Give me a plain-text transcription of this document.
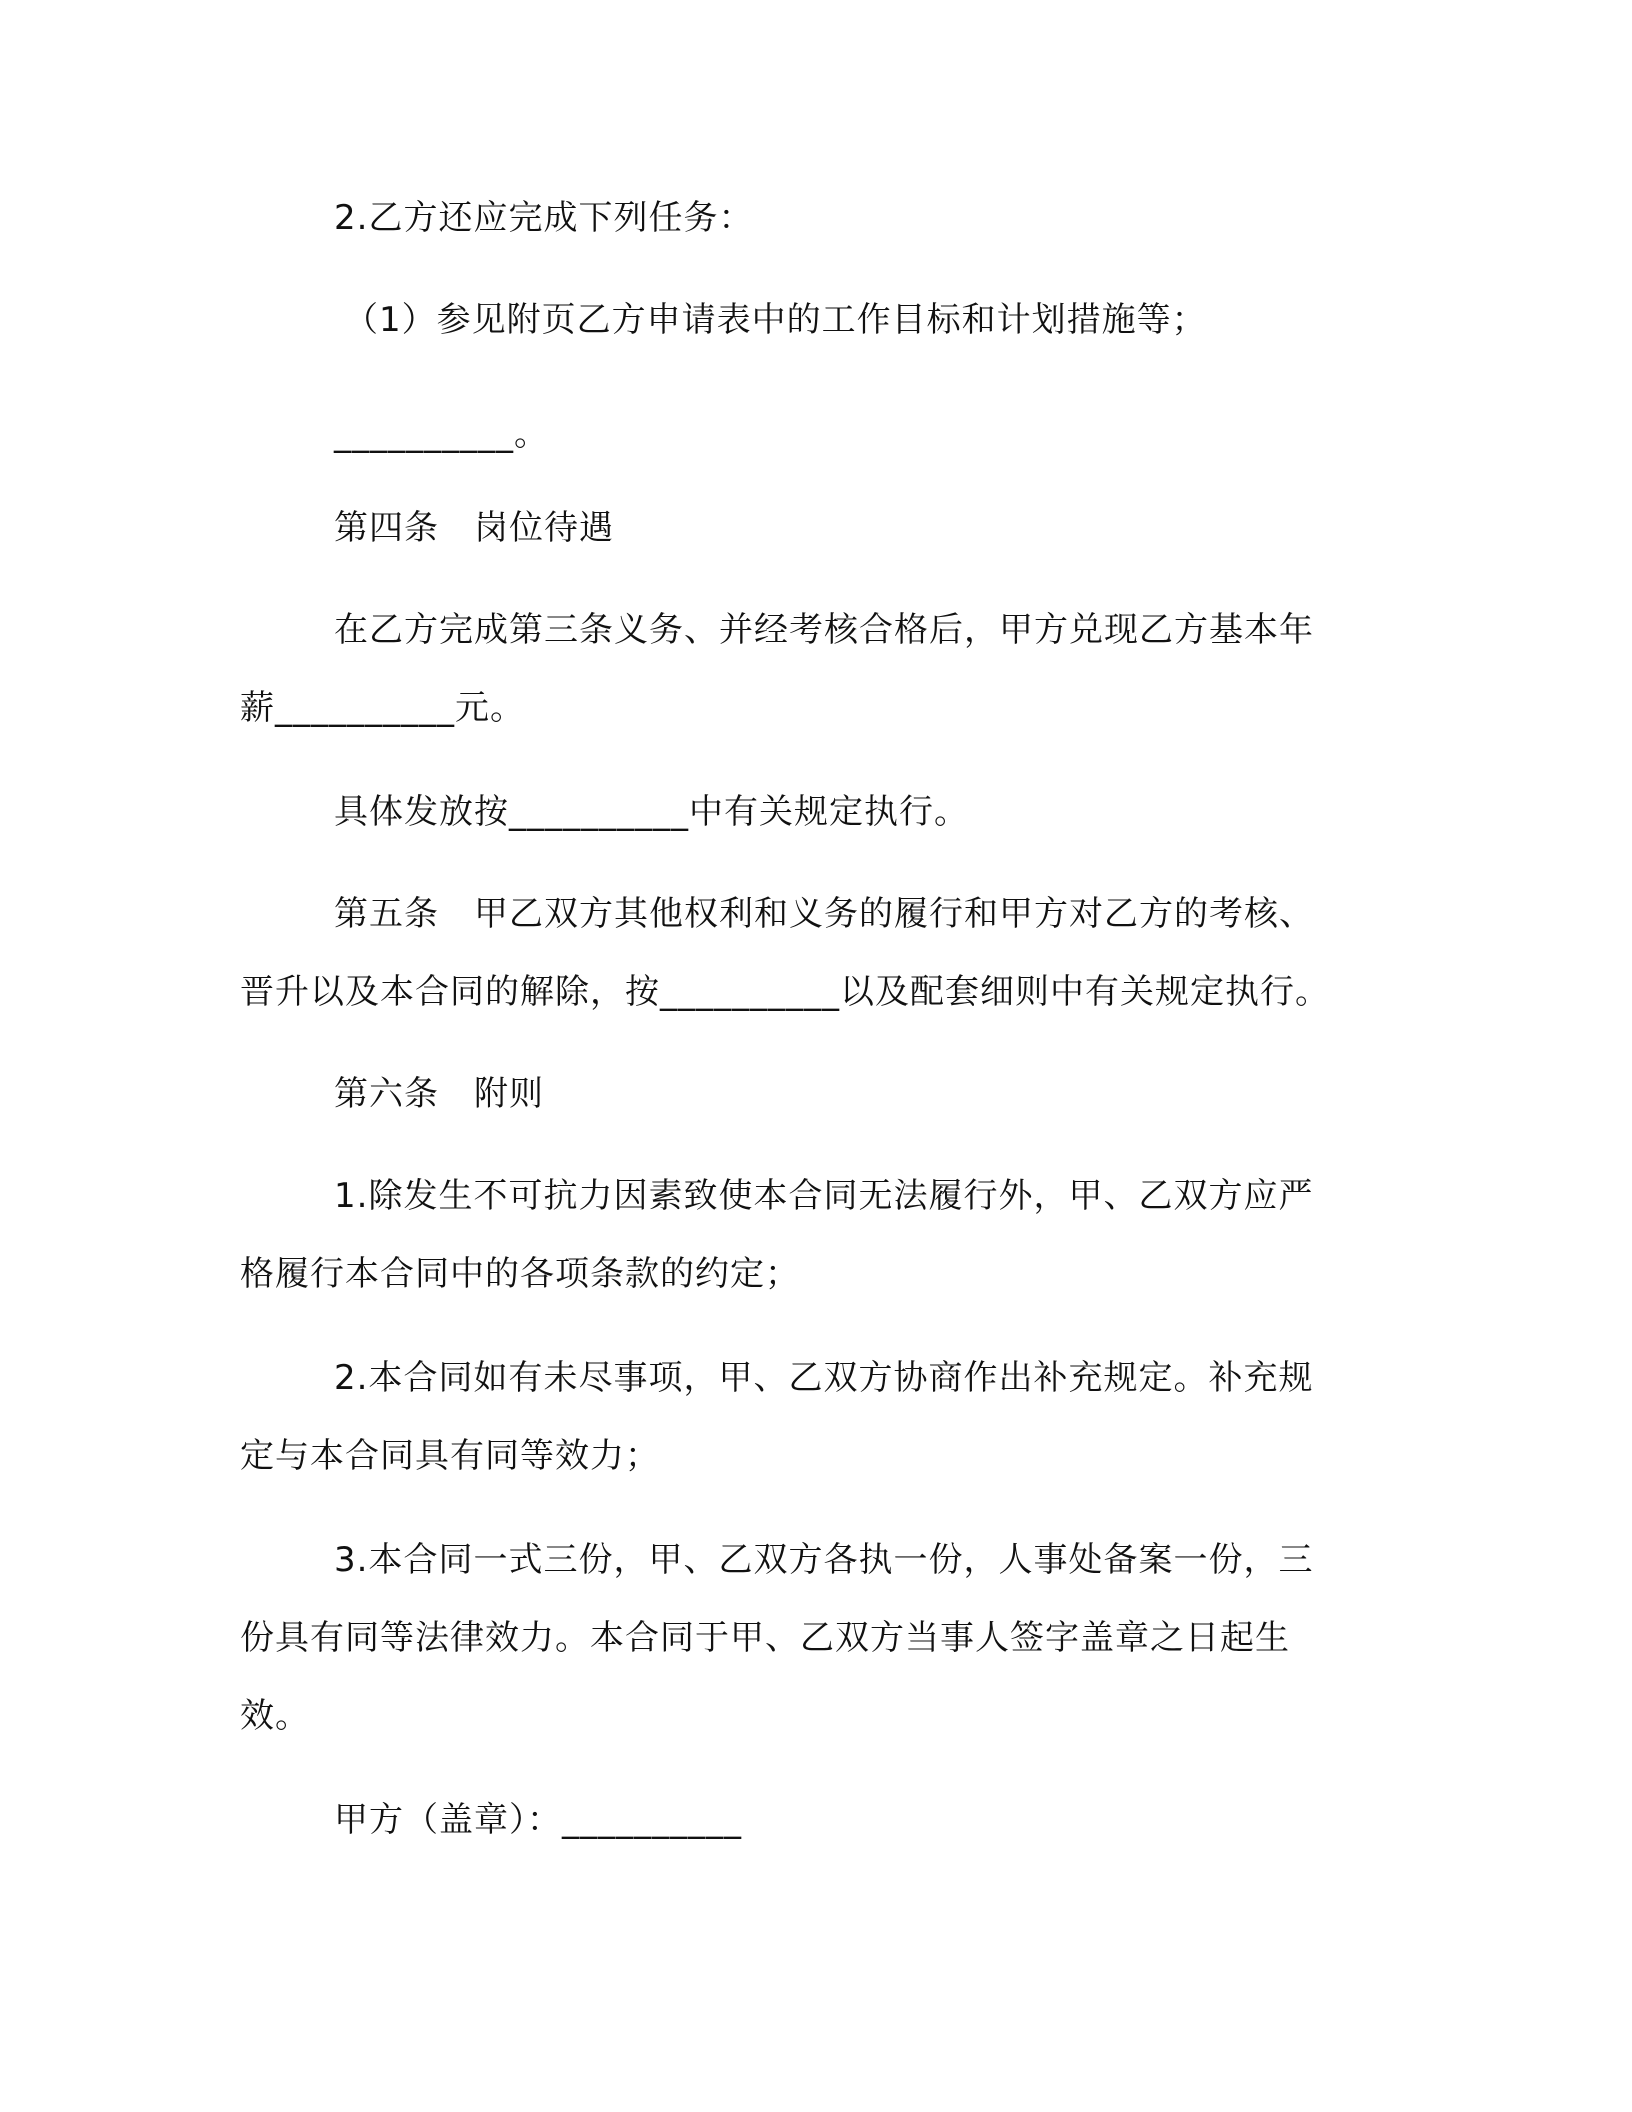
2.乙方还应完成下列任务：
（1）参见附页乙方申请表中的工作目标和计划措施等；
__________。
第四条　岗位待遇
在乙方完成第三条义务、并经考核合格后，甲方兑现乙方基本年
薪__________元。
具体发放按__________中有关规定执行。
第五条　甲乙双方其他权利和义务的履行和甲方对乙方的考核、
晋升以及本合同的解除，按__________以及配套细则中有关规定执行。
第六条　附则
1.除发生不可抗力因素致使本合同无法履行外，甲、乙双方应严
格履行本合同中的各项条款的约定；
2.本合同如有未尽事项，甲、乙双方协商作出补充规定。补充规
定与本合同具有同等效力；
3.本合同一式三份，甲、乙双方各执一份，人事处备案一份，三
份具有同等法律效力。本合同于甲、乙双方当事人签字盖章之日起生
效。
甲方（盖章）：__________
